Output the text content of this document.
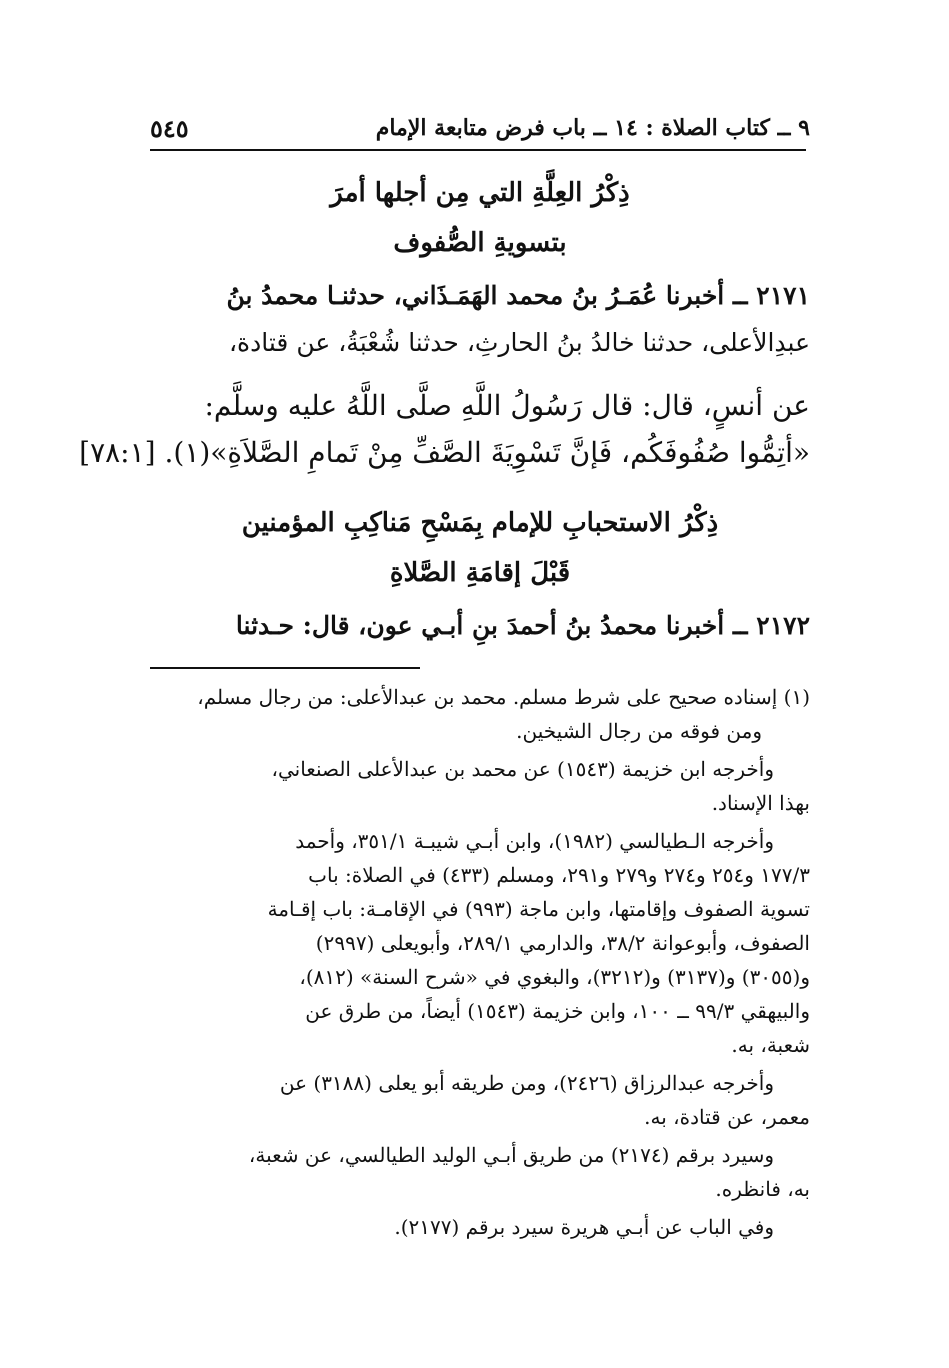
٩ ــ كتاب الصلاة : ١٤ ــ باب فرض متابعة الإمام
٥٤٥
ذِكْرُ العِلَّةِ التي مِن أجلها أمرَ
بتسويةِ الصُّفوف
٢١٧١ ــ أخبرنا عُمَـرُ بنُ محمد الهَمَـذَاني، حدثنـا محمدُ بنُ
عبدِالأعلى، حدثنا خالدُ بنُ الحارثِ، حدثنا شُعْبَةُ، عن قتادة،
عن أنسٍ، قال: قال رَسُولُ اللَّهِ صلَّى اللَّهُ عليه وسلَّم:
«أتِمُّوا صُفُوفَكُم، فَإنَّ تَسْوِيَةَ الصَّفِّ مِنْ تَمامِ الصَّلاَةِ»(١). [٧٨:١]
ذِكْرُ الاستحبابِ للإمام بِمَسْحِ مَناكِبِ المؤمنين
قَبْلَ إقامَةِ الصَّلاةِ
٢١٧٢ ــ أخبرنا محمدُ بنُ أحمدَ بنِ أبـي عون، قال: حـدثنا
(١) إسناده صحيح على شرط مسلم. محمد بن عبدالأعلى: من رجال مسلم،
ومن فوقه من رجال الشيخين.
وأخرجه ابن خزيمة (١٥٤٣) عن محمد بن عبدالأعلى الصنعاني،
بهذا الإسناد.
وأخرجه الـطيالسي (١٩٨٢)، وابن أبـي شيبـة ٣٥١/١، وأحمد
١٧٧/٣ و٢٥٤ و٢٧٤ و٢٧٩ و٢٩١، ومسلم (٤٣٣) في الصلاة: باب
تسوية الصفوف وإقامتها، وابن ماجة (٩٩٣) في الإقامـة: باب إقـامة
الصفوف، وأبوعوانة ٣٨/٢، والدارمي ٢٨٩/١، وأبويعلى (٢٩٩٧)
و(٣٠٥٥) و(٣١٣٧) و(٣٢١٢)، والبغوي في «شرح السنة» (٨١٢)،
والبيهقي ٩٩/٣ ــ ١٠٠، وابن خزيمة (١٥٤٣) أيضاً، من طرق عن
شعبة، به.
وأخرجه عبدالرزاق (٢٤٢٦)، ومن طريقه أبو يعلى (٣١٨٨) عن
معمر، عن قتادة، به.
وسيرد برقم (٢١٧٤) من طريق أبـي الوليد الطيالسي، عن شعبة،
به، فانظره.
وفي الباب عن أبـي هريرة سيرد برقم (٢١٧٧).
